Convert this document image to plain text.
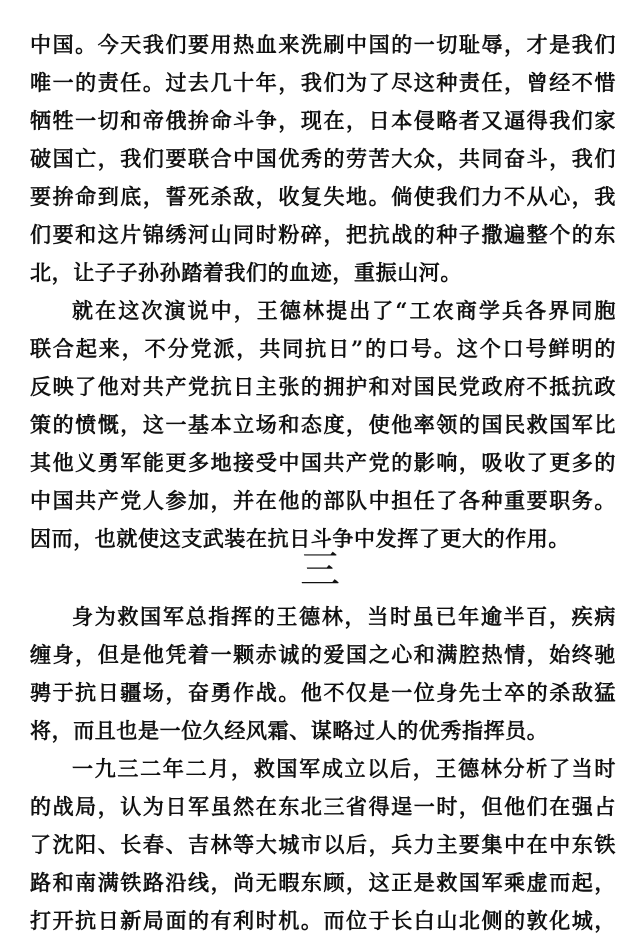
中国。今天我们要用热血来洗刷中国的一切耻辱，才是我们
唯一的责任。过去几十年，我们为了尽这种责任，曾经不惜
牺牲一切和帝俄拚命斗争，现在，日本侵略者又逼得我们家
破国亡，我们要联合中国优秀的劳苦大众，共同奋斗，我们
要拚命到底，誓死杀敌，收复失地。倘使我们力不从心，我
们要和这片锦绣河山同时粉碎，把抗战的种子撒遍整个的东
北，让子子孙孙踏着我们的血迹，重振山河。
就在这次演说中，王德林提出了“工农商学兵各界同胞
联合起来，不分党派，共同抗日”的口号。这个口号鲜明的
反映了他对共产党抗日主张的拥护和对国民党政府不抵抗政
策的愤慨，这一基本立场和态度，使他率领的国民救国军比
其他义勇军能更多地接受中国共产党的影响，吸收了更多的
中国共产党人参加，并在他的部队中担任了各种重要职务。
因而，也就使这支武装在抗日斗争中发挥了更大的作用。
三
身为救国军总指挥的王德林，当时虽已年逾半百，疾病
缠身，但是他凭着一颗赤诚的爱国之心和满腔热情，始终驰
骋于抗日疆场，奋勇作战。他不仅是一位身先士卒的杀敌猛
将，而且也是一位久经风霜、谋略过人的优秀指挥员。
一九三二年二月，救国军成立以后，王德林分析了当时
的战局，认为日军虽然在东北三省得逞一时，但他们在强占
了沈阳、长春、吉林等大城市以后，兵力主要集中在中东铁
路和南满铁路沿线，尚无暇东顾，这正是救国军乘虚而起，
打开抗日新局面的有利时机。而位于长白山北侧的敦化城，
